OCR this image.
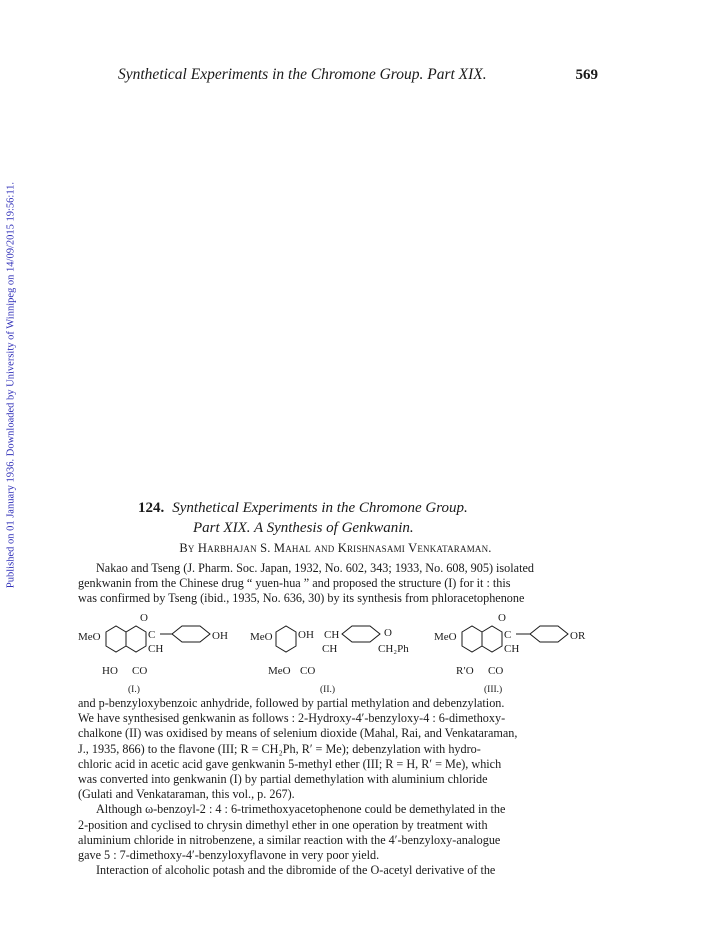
Published on 01 January 1936. Downloaded by University of Winnipeg on 14/09/2015 19:56:11.
Synthetical Experiments in the Chromone Group. Part XIX.	569
124. Synthetical Experiments in the Chromone Group.
Part XIX. A Synthesis of Genkwanin.
By Harbhajan S. Mahal and Krishnasami Venkataraman.
Nakao and Tseng (J. Pharm. Soc. Japan, 1932, No. 602, 343; 1933, No. 608, 905) isolated
genkwanin from the Chinese drug “ yuen-hua ” and proposed the structure (I) for it : this
was confirmed by Tseng (ibid., 1935, No. 636, 30) by its synthesis from phloracetophenone
O
MeO	C
CH
OH
HO CO
(I.)
MeO OH CH	O
CH	CH₂Ph
MeO CO
(II.)
O
MeO	C
CH
OR
R′O CO
(III.)
and p-benzyloxybenzoic anhydride, followed by partial methylation and debenzylation.
We have synthesised genkwanin as follows : 2-Hydroxy-4′-benzyloxy-4 : 6-dimethoxy-
chalkone (II) was oxidised by means of selenium dioxide (Mahal, Rai, and Venkataraman,
J., 1935, 866) to the flavone (III; R = CH₂Ph, R′ = Me); debenzylation with hydro-
chloric acid in acetic acid gave genkwanin 5-methyl ether (III; R = H, R′ = Me), which
was converted into genkwanin (I) by partial demethylation with aluminium chloride
(Gulati and Venkataraman, this vol., p. 267).
Although ω-benzoyl-2 : 4 : 6-trimethoxyacetophenone could be demethylated in the
2-position and cyclised to chrysin dimethyl ether in one operation by treatment with
aluminium chloride in nitrobenzene, a similar reaction with the 4′-benzyloxy-analogue
gave 5 : 7-dimethoxy-4′-benzyloxyflavone in very poor yield.
Interaction of alcoholic potash and the dibromide of the O-acetyl derivative of the
